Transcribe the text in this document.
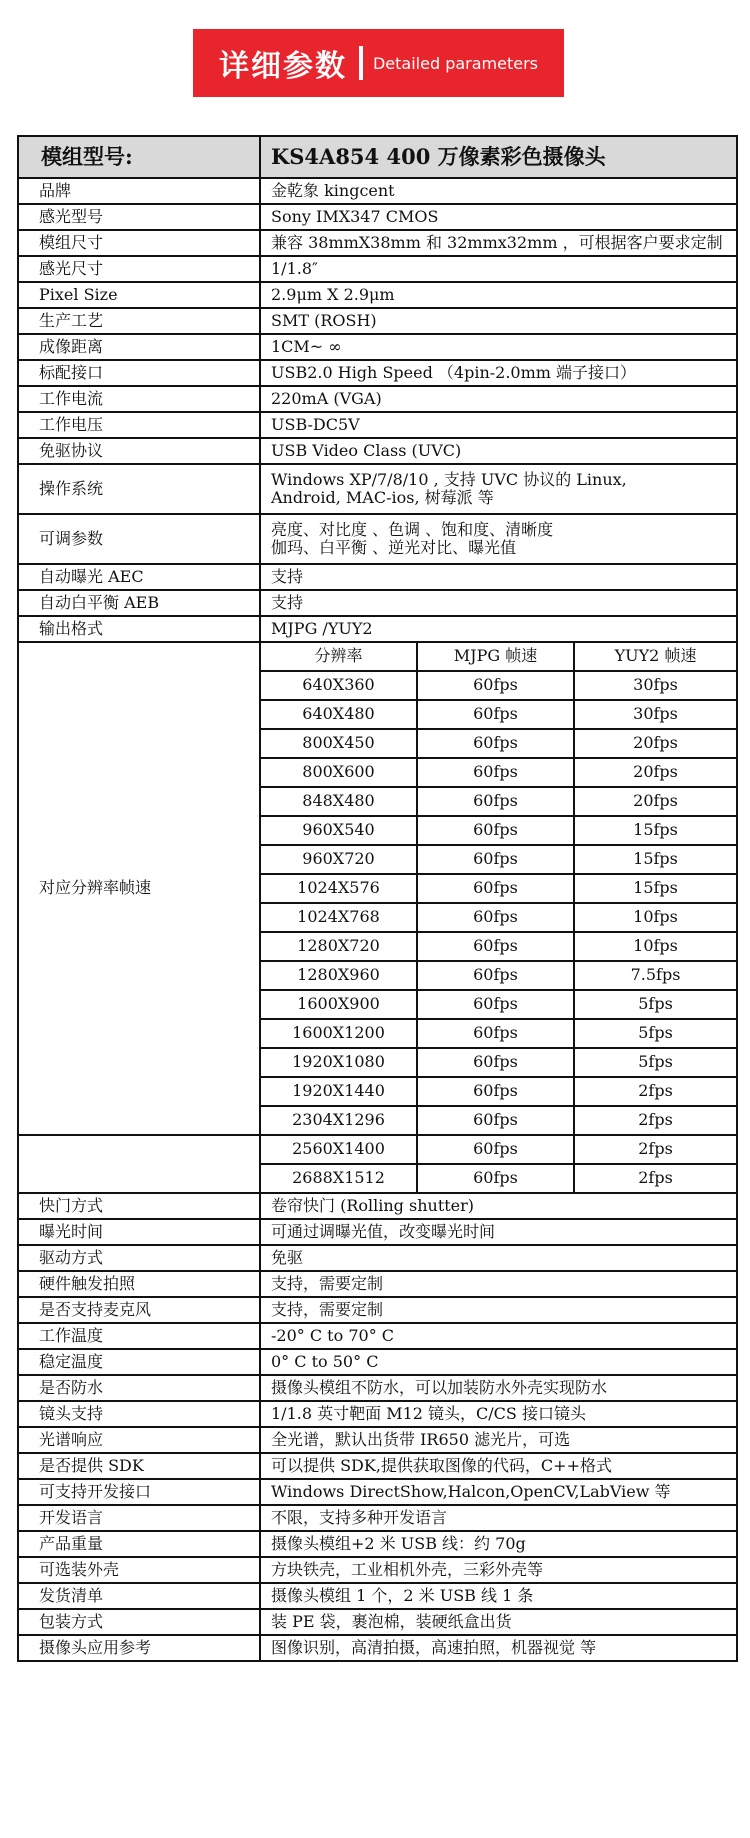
详细参数 Detailed parameters
模组型号:	KS4A854 400 万像素彩色摄像头		
品牌	金乾象 kingcent		
感光型号	Sony IMX347 CMOS		
模组尺寸	兼容 38mmX38mm 和 32mmx32mm ，可根据客户要求定制		
感光尺寸	1/1.8″		
Pixel Size	2.9μm X 2.9μm		
生产工艺	SMT (ROSH)		
成像距离	1CM~ ∞		
标配接口	USB2.0 High Speed （4pin-2.0mm 端子接口）		
工作电流	220mA (VGA)		
工作电压	USB-DC5V		
免驱协议	USB Video Class (UVC)		
操作系统	Windows XP/7/8/10 , 支持 UVC 协议的 Linux,
Android, MAC-ios, 树莓派 等		

可调参数	亮度、对比度 、色调 、饱和度、清晰度
伽玛、白平衡 、逆光对比、曝光值		

自动曝光 AEC	支持		
自动白平衡 AEB	支持		
输出格式	MJPG /YUY2		
对应分辨率帧速	分辨率	MJPG 帧速	YUY2 帧速
	640X360	60fps	30fps
	640X480	60fps	30fps
	800X450	60fps	20fps
	800X600	60fps	20fps
	848X480	60fps	20fps
	960X540	60fps	15fps
	960X720	60fps	15fps
	1024X576	60fps	15fps
	1024X768	60fps	10fps
	1280X720	60fps	10fps
	1280X960	60fps	7.5fps
	1600X900	60fps	5fps
	1600X1200	60fps	5fps
	1920X1080	60fps	5fps
	1920X1440	60fps	2fps
	2304X1296	60fps	2fps
	2560X1400	60fps	2fps
	2688X1512	60fps	2fps
快门方式	卷帘快门 (Rolling shutter)		
曝光时间	可通过调曝光值，改变曝光时间		
驱动方式	免驱		
硬件触发拍照	支持，需要定制		
是否支持麦克风	支持，需要定制		
工作温度	-20° C to 70° C		
稳定温度	0° C to 50° C		
是否防水	摄像头模组不防水，可以加装防水外壳实现防水		
镜头支持	1/1.8 英寸靶面 M12 镜头，C/CS 接口镜头		
光谱响应	全光谱，默认出货带 IR650 滤光片，可选		
是否提供 SDK	可以提供 SDK,提供获取图像的代码，C++格式		
可支持开发接口	Windows DirectShow,Halcon,OpenCV,LabView 等		
开发语言	不限，支持多种开发语言		
产品重量	摄像头模组+2 米 USB 线：约 70g		
可选装外壳	方块铁壳，工业相机外壳，三彩外壳等		
发货清单	摄像头模组 1 个，2 米 USB 线 1 条		
包装方式	装 PE 袋，裹泡棉，装硬纸盒出货		
摄像头应用参考	图像识别，高清拍摄，高速拍照，机器视觉 等		
